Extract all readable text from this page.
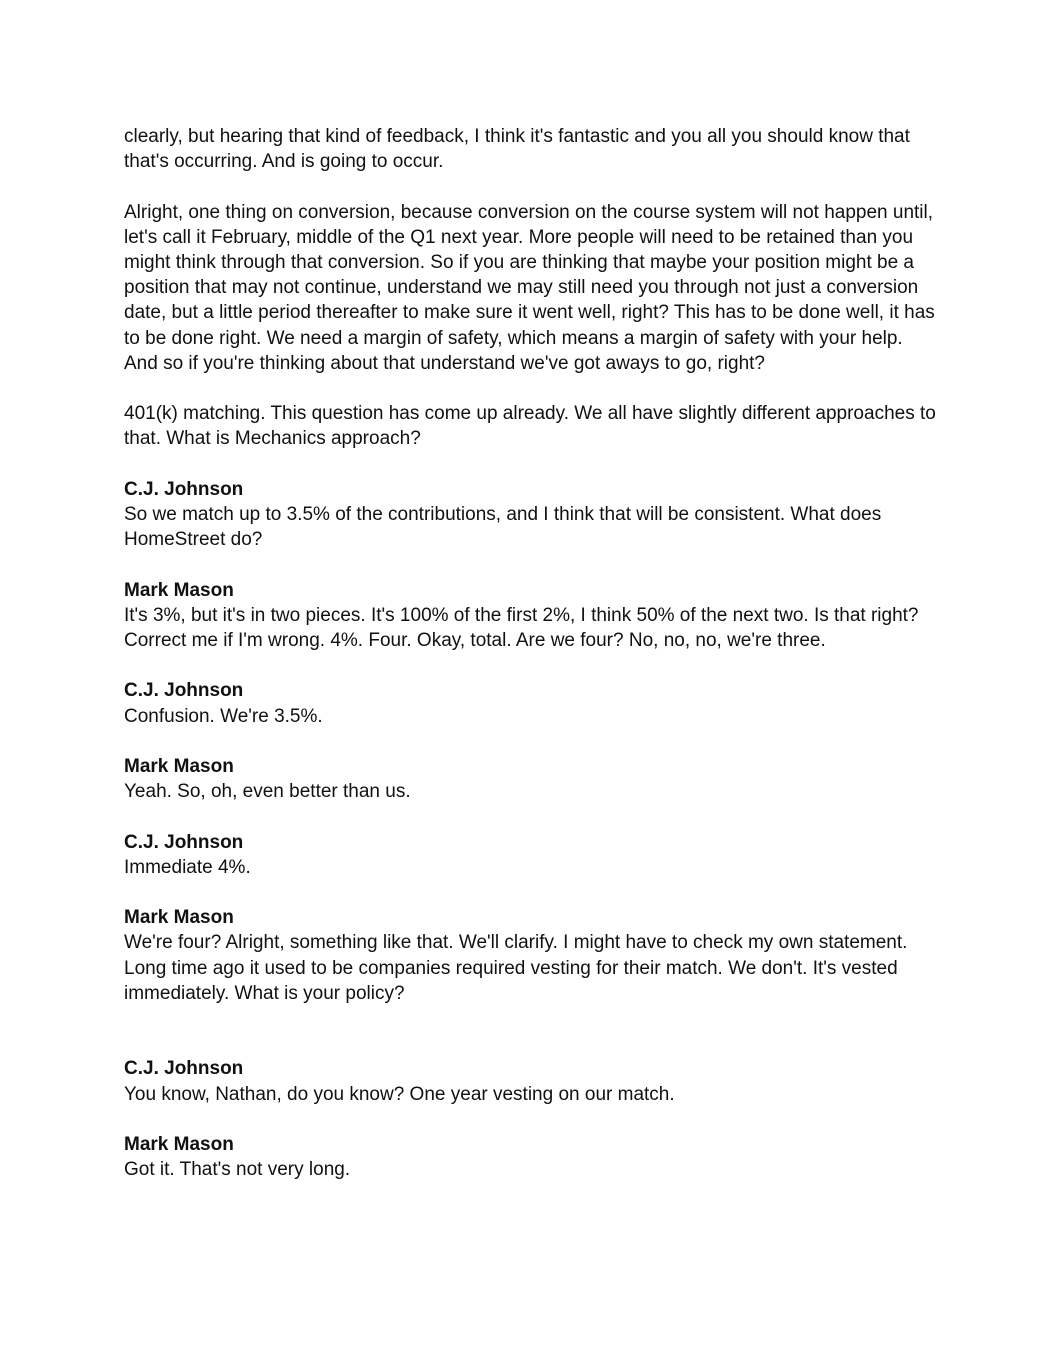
clearly, but hearing that kind of feedback, I think it's fantastic and you all you should know that that's occurring. And is going to occur.

Alright, one thing on conversion, because conversion on the course system will not happen until, let's call it February, middle of the Q1 next year. More people will need to be retained than you might think through that conversion. So if you are thinking that maybe your position might be a position that may not continue, understand we may still need you through not just a conversion date, but a little period thereafter to make sure it went well, right? This has to be done well, it has to be done right. We need a margin of safety, which means a margin of safety with your help. And so if you're thinking about that understand we've got aways to go, right?

401(k) matching. This question has come up already. We all have slightly different approaches to that. What is Mechanics approach?

C.J. Johnson

So we match up to 3.5% of the contributions, and I think that will be consistent. What does HomeStreet do?

Mark Mason

It's 3%, but it's in two pieces. It's 100% of the first 2%, I think 50% of the next two. Is that right? Correct me if I'm wrong. 4%. Four. Okay, total. Are we four? No, no, no, we're three.

C.J. Johnson

Confusion. We're 3.5%.

Mark Mason

Yeah. So, oh, even better than us.

C.J. Johnson

Immediate 4%.

Mark Mason

We're four? Alright, something like that. We'll clarify. I might have to check my own statement. Long time ago it used to be companies required vesting for their match. We don't. It's vested immediately. What is your policy?

C.J. Johnson

You know, Nathan, do you know? One year vesting on our match.

Mark Mason

Got it. That's not very long.
